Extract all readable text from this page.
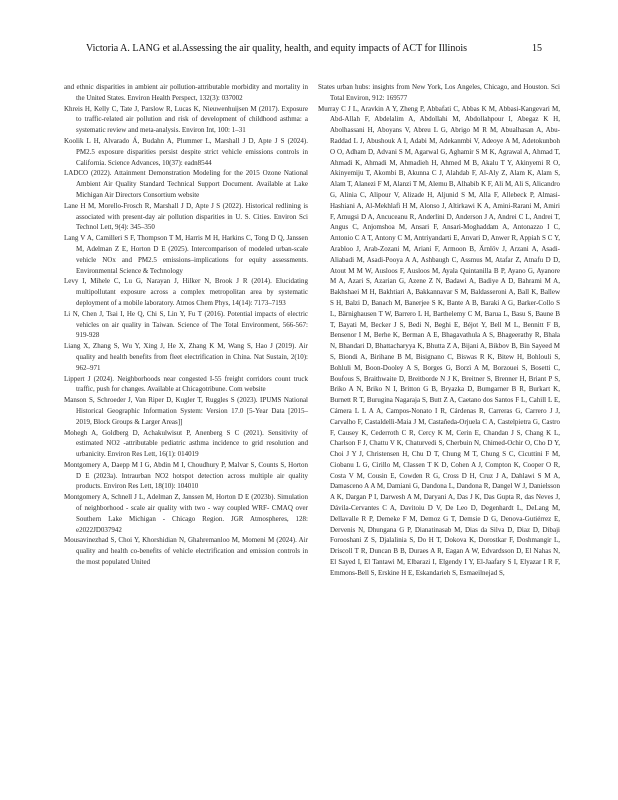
Victoria A. LANG et al.Assessing the air quality, health, and equity impacts of ACT for Illinois	15

and ethnic disparities in ambient air pollution-attributable morbidity and mortality in the United States. Environ Health Perspect, 132(3): 037002

Khreis H, Kelly C, Tate J, Parslow R, Lucas K, Nieuwenhuijsen M (2017). Exposure to traffic-related air pollution and risk of development of childhood asthma: a systematic review and meta-analysis. Environ Int, 100: 1–31

Koolik L H, Alvarado Á, Budahn A, Plummer L, Marshall J D, Apte J S (2024). PM2.5 exposure disparities persist despite strict vehicle emissions controls in California. Science Advances, 10(37): eadn8544

LADCO (2022). Attainment Demonstration Modeling for the 2015 Ozone National Ambient Air Quality Standard Technical Support Document. Available at Lake Michigan Air Directors Consortium website

Lane H M, Morello-Frosch R, Marshall J D, Apte J S (2022). Historical redlining is associated with present-day air pollution disparities in U. S. Cities. Environ Sci Technol Lett, 9(4): 345–350

Lang V A, Camilleri S F, Thompson T M, Harris M H, Harkins C, Tong D Q, Janssen M, Adelman Z E, Horton D E (2025). Intercomparison of modeled urban-scale vehicle NOx and PM2.5 emissions–implications for equity assessments. Environmental Science & Technology

Levy I, Mihele C, Lu G, Narayan J, Hilker N, Brook J R (2014). Elucidating multipollutant exposure across a complex metropolitan area by systematic deployment of a mobile laboratory. Atmos Chem Phys, 14(14): 7173–7193

Li N, Chen J, Tsai I, He Q, Chi S, Lin Y, Fu T (2016). Potential impacts of electric vehicles on air quality in Taiwan. Science of The Total Environment, 566-567: 919-928

Liang X, Zhang S, Wu Y, Xing J, He X, Zhang K M, Wang S, Hao J (2019). Air quality and health benefits from fleet electrification in China. Nat Sustain, 2(10): 962–971

Lippert J (2024). Neighborhoods near congested I-55 freight corridors count truck traffic, push for changes. Available at Chicagotribune. Com website

Manson S, Schroeder J, Van Riper D, Kugler T, Ruggles S (2023). IPUMS National Historical Geographic Information System: Version 17.0 [5-Year Data [2015–2019, Block Groups & Larger Areas]]

Mohegh A, Goldberg D, Achakulwisut P, Anenberg S C (2021). Sensitivity of estimated NO2 -attributable pediatric asthma incidence to grid resolution and urbanicity. Environ Res Lett, 16(1): 014019

Montgomery A, Daepp M I G, Abdin M I, Choudhury P, Malvar S, Counts S, Horton D E (2023a). Intraurban NO2 hotspot detection across multiple air quality products. Environ Res Lett, 18(10): 104010

Montgomery A, Schnell J L, Adelman Z, Janssen M, Horton D E (2023b). Simulation of neighborhood - scale air quality with two - way coupled WRF- CMAQ over Southern Lake Michigan - Chicago Region. JGR Atmospheres, 128: e2022JD037942

Mousavinezhad S, Choi Y, Khorshidian N, Ghahremanloo M, Momeni M (2024). Air quality and health co-benefits of vehicle electrification and emission controls in the most populated United

States urban hubs: insights from New York, Los Angeles, Chicago, and Houston. Sci Total Environ, 912: 169577

Murray C J L, Aravkin A Y, Zheng P, Abbafati C, Abbas K M, Abbasi-Kangevari M, Abd-Allah F, Abdelalim A, Abdollahi M, Abdollahpour I, Abegaz K H, Abolhassani H, Aboyans V, Abreu L G, Abrigo M R M, Abualhasan A, Abu-Raddad L J, Abushouk A I, Adabi M, Adekanmbi V, Adeoye A M, Adetokunboh O O, Adham D, Advani S M, Agarwal G, Aghamir S M K, Agrawal A, Ahmad T, Ahmadi K, Ahmadi M, Ahmadieh H, Ahmed M B, Akalu T Y, Akinyemi R O, Akinyemiju T, Akombi B, Akunna C J, Alahdab F, Al-Aly Z, Alam K, Alam S, Alam T, Alanezi F M, Alanzi T M, Alemu B, Alhabib K F, Ali M, Ali S, Alicandro G, Alinia C, Alipour V, Alizade H, Aljunid S M, Alla F, Allebeck P, Almasi-Hashiani A, Al-Mekhlafi H M, Alonso J, Altirkawi K A, Amini-Rarani M, Amiri F, Amugsi D A, Ancuceanu R, Anderlini D, Anderson J A, Andrei C L, Andrei T, Angus C, Anjomshoa M, Ansari F, Ansari-Moghaddam A, Antonazzo I C, Antonio C A T, Antony C M, Antriyandarti E, Anvari D, Anwer R, Appiah S C Y, Arabloo J, Arab-Zozani M, Ariani F, Armoon B, Ärnlöv J, Arzani A, Asadi-Aliabadi M, Asadi-Pooya A A, Ashbaugh C, Assmus M, Atafar Z, Atnafu D D, Atout M M W, Ausloos F, Ausloos M, Ayala Quintanilla B P, Ayano G, Ayanore M A, Azari S, Azarian G, Azene Z N, Badawi A, Badiye A D, Bahrami M A, Bakhshaei M H, Bakhtiari A, Bakkannavar S M, Baldasseroni A, Ball K, Ballew S H, Balzi D, Banach M, Banerjee S K, Bante A B, Baraki A G, Barker-Collo S L, Bärnighausen T W, Barrero L H, Barthelemy C M, Barua L, Basu S, Baune B T, Bayati M, Becker J S, Bedi N, Beghi E, Béjot Y, Bell M L, Bennitt F B, Bensenor I M, Berhe K, Berman A E, Bhagavathula A S, Bhageerathy R, Bhala N, Bhandari D, Bhattacharyya K, Bhutta Z A, Bijani A, Bikbov B, Bin Sayeed M S, Biondi A, Birihane B M, Bisignano C, Biswas R K, Bitew H, Bohlouli S, Bohluli M, Boon-Dooley A S, Borges G, Borzì A M, Borzouei S, Bosetti C, Boufous S, Braithwaite D, Breitborde N J K, Breitner S, Brenner H, Briant P S, Briko A N, Briko N I, Britton G B, Bryazka D, Bumgarner B R, Burkart K, Burnett R T, Burugina Nagaraja S, Butt Z A, Caetano dos Santos F L, Cahill L E, Cámera L L A A, Campos-Nonato I R, Cárdenas R, Carreras G, Carrero J J, Carvalho F, Castaldelli-Maia J M, Castañeda-Orjuela C A, Castelpietra G, Castro F, Causey K, Cederroth C R, Cercy K M, Cerin E, Chandan J S, Chang K L, Charlson F J, Chattu V K, Chaturvedi S, Cherbuin N, Chimed-Ochir O, Cho D Y, Choi J Y J, Christensen H, Chu D T, Chung M T, Chung S C, Cicuttini F M, Ciobanu L G, Cirillo M, Classen T K D, Cohen A J, Compton K, Cooper O R, Costa V M, Cousin E, Cowden R G, Cross D H, Cruz J A, Dahlawi S M A, Damasceno A A M, Damiani G, Dandona L, Dandona R, Dangel W J, Danielsson A K, Dargan P I, Darwesh A M, Daryani A, Das J K, Das Gupta R, das Neves J, Dávila-Cervantes C A, Davitoiu D V, De Leo D, Degenhardt L, DeLang M, Dellavalle R P, Demeke F M, Demoz G T, Demsie D G, Denova-Gutiérrez E, Dervenis N, Dhungana G P, Dianatinasab M, Dias da Silva D, Diaz D, Dibaji Forooshani Z S, Djalalinia S, Do H T, Dokova K, Dorostkar F, Doshmangir L, Driscoll T R, Duncan B B, Duraes A R, Eagan A W, Edvardsson D, El Nahas N, El Sayed I, El Tantawi M, Elbarazi I, Elgendy I Y, El-Jaafary S I, Elyazar I R F, Emmons-Bell S, Erskine H E, Eskandarieh S, Esmaeilnejad S,
